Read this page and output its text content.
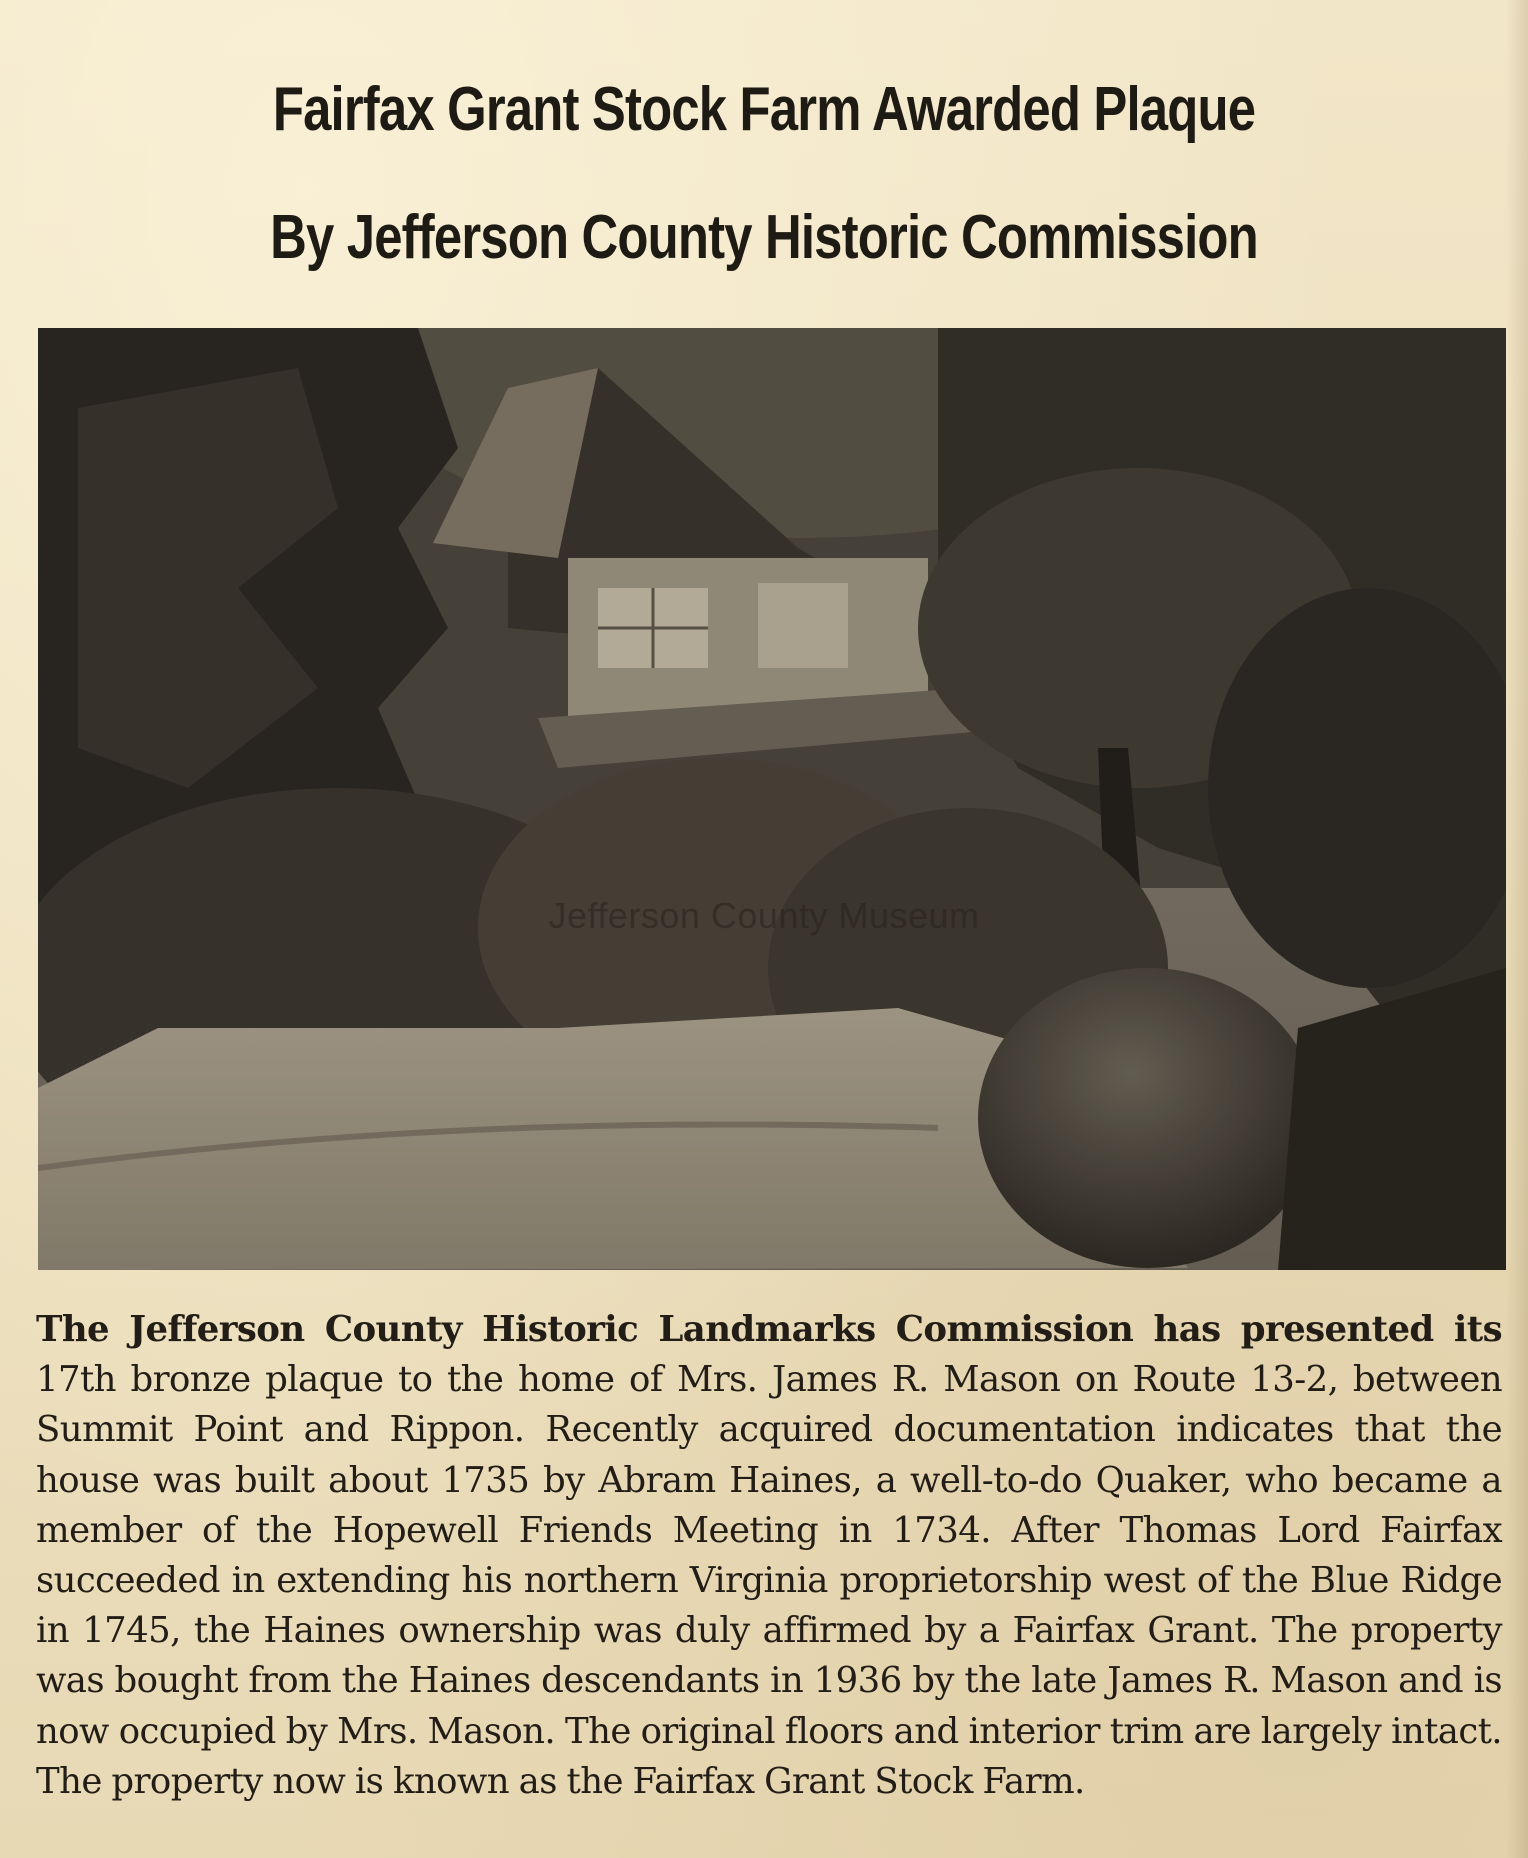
Fairfax Grant Stock Farm Awarded Plaque
By Jefferson County Historic Commission
Jefferson County Museum

The Jefferson County Historic Landmarks Commission has presented its 17th bronze plaque to the home of Mrs. James R. Mason on Route 13-2, between Summit Point and Rippon. Recently acquired documentation indicates that the house was built about 1735 by Abram Haines, a well-to-do Quaker, who became a member of the Hopewell Friends Meeting in 1734. After Thomas Lord Fairfax succeeded in extending his northern Virginia proprietorship west of the Blue Ridge in 1745, the Haines ownership was duly affirmed by a Fairfax Grant. The property was bought from the Haines descendants in 1936 by the late James R. Mason and is now occupied by Mrs. Mason. The original floors and interior trim are largely intact. The property now is known as the Fairfax Grant Stock Farm.
